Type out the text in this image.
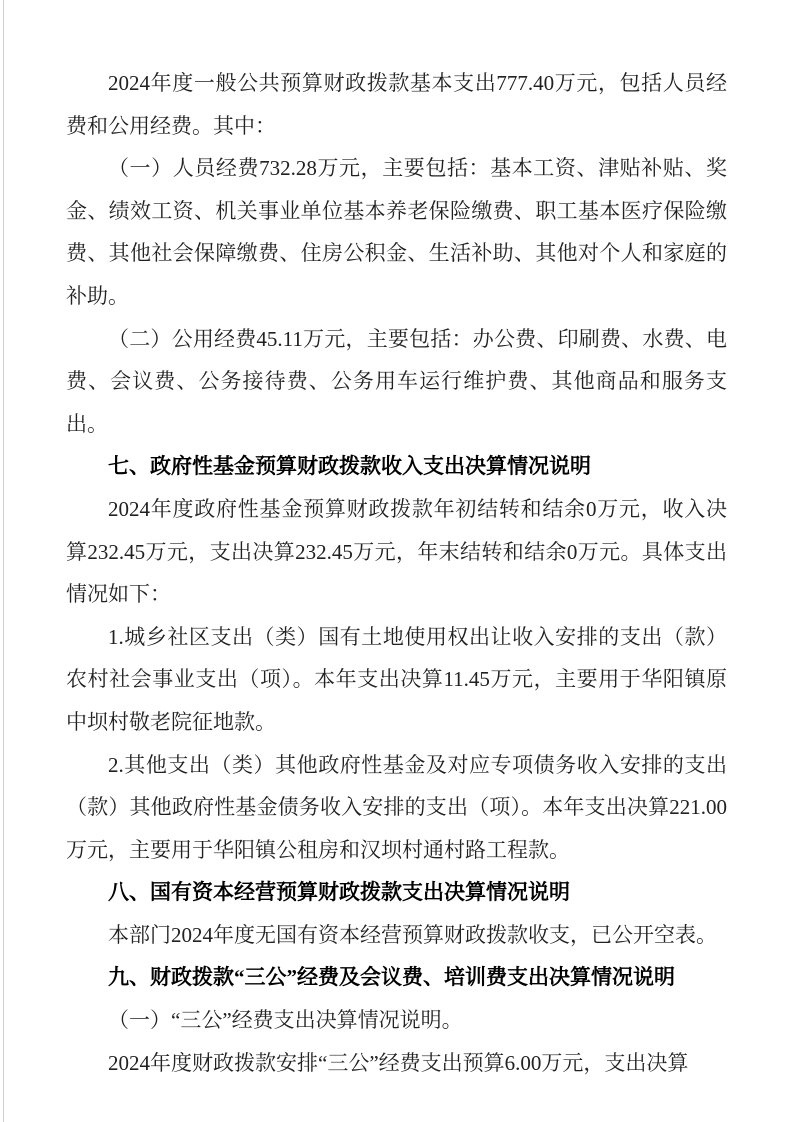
2024年度一般公共预算财政拨款基本支出777.40万元，包括人员经费和公用经费。其中：

（一）人员经费732.28万元，主要包括：基本工资、津贴补贴、奖金、绩效工资、机关事业单位基本养老保险缴费、职工基本医疗保险缴费、其他社会保障缴费、住房公积金、生活补助、其他对个人和家庭的补助。

（二）公用经费45.11万元，主要包括：办公费、印刷费、水费、电费、会议费、公务接待费、公务用车运行维护费、其他商品和服务支出。

七、政府性基金预算财政拨款收入支出决算情况说明

2024年度政府性基金预算财政拨款年初结转和结余0万元，收入决算232.45万元，支出决算232.45万元，年末结转和结余0万元。具体支出情况如下：

1.城乡社区支出（类）国有土地使用权出让收入安排的支出（款）农村社会事业支出（项）。本年支出决算11.45万元，主要用于华阳镇原中坝村敬老院征地款。

2.其他支出（类）其他政府性基金及对应专项债务收入安排的支出（款）其他政府性基金债务收入安排的支出（项）。本年支出决算221.00万元，主要用于华阳镇公租房和汉坝村通村路工程款。

八、国有资本经营预算财政拨款支出决算情况说明

本部门2024年度无国有资本经营预算财政拨款收支，已公开空表。

九、财政拨款“三公”经费及会议费、培训费支出决算情况说明

（一）“三公”经费支出决算情况说明。

2024年度财政拨款安排“三公”经费支出预算6.00万元，支出决算
